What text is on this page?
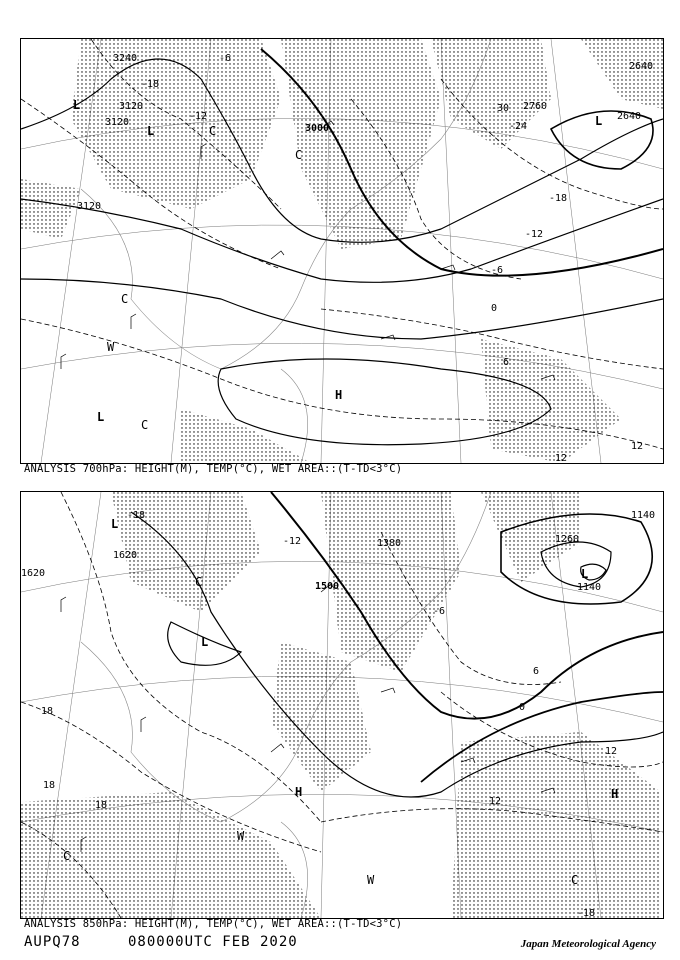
3240
3120
3120
3120
3000
2760
2640
2640
-18
-12
-6
-30
-24
-18
-12
-6
0
6
12
12
L
L
L
C
C
C
W
L
C
H
ANALYSIS 700hPa: HEIGHT(M), TEMP(°C), WET AREA::(T-TD<3°C)
1620
1620
1500
1380
1140
1140
1260
-18
-12
-6
0
6
12
18
18
18
-18
12
L
C
L
L
H	H
W
W
C
C
ANALYSIS 850hPa: HEIGHT(M), TEMP(°C), WET AREA::(T-TD<3°C)
AUPQ78	080000UTC FEB 2020	Japan Meteorological Agency
